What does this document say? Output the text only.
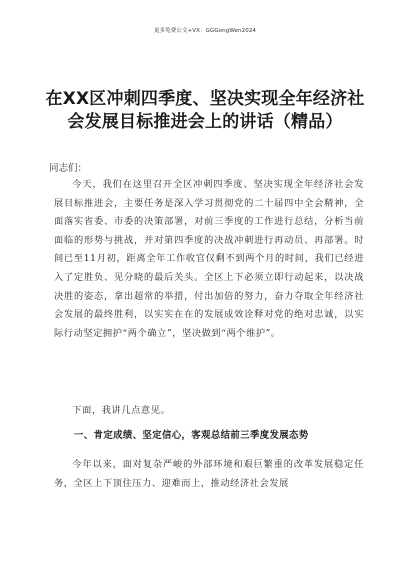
更多免费公文+VX：GGGongWen2024
在XX区冲刺四季度、坚决实现全年经济社
会发展目标推进会上的讲话（精品）
同志们：

今天，我们在这里召开全区冲刺四季度、坚决实现全年经济社会发展目标推进会，主要任务是深入学习贯彻党的二十届四中全会精神，全面落实省委、市委的决策部署，对前三季度的工作进行总结，分析当前面临的形势与挑战，并对第四季度的决战冲刺进行再动员、再部署。时间已至11月初，距离全年工作收官仅剩不到两个月的时间，我们已经进入了定胜负、见分晓的最后关头。全区上下必须立即行动起来，以决战决胜的姿态，拿出超常的举措，付出加倍的努力，奋力夺取全年经济社会发展的最终胜利，以实实在在的发展成效诠释对党的绝对忠诚，以实际行动坚定拥护“两个确立”，坚决做到“两个维护”。

下面，我讲几点意见。

一、肯定成绩、坚定信心，客观总结前三季度发展态势

今年以来，面对复杂严峻的外部环境和艰巨繁重的改革发展稳定任务，全区上下顶住压力、迎难而上，推动经济社会发展
